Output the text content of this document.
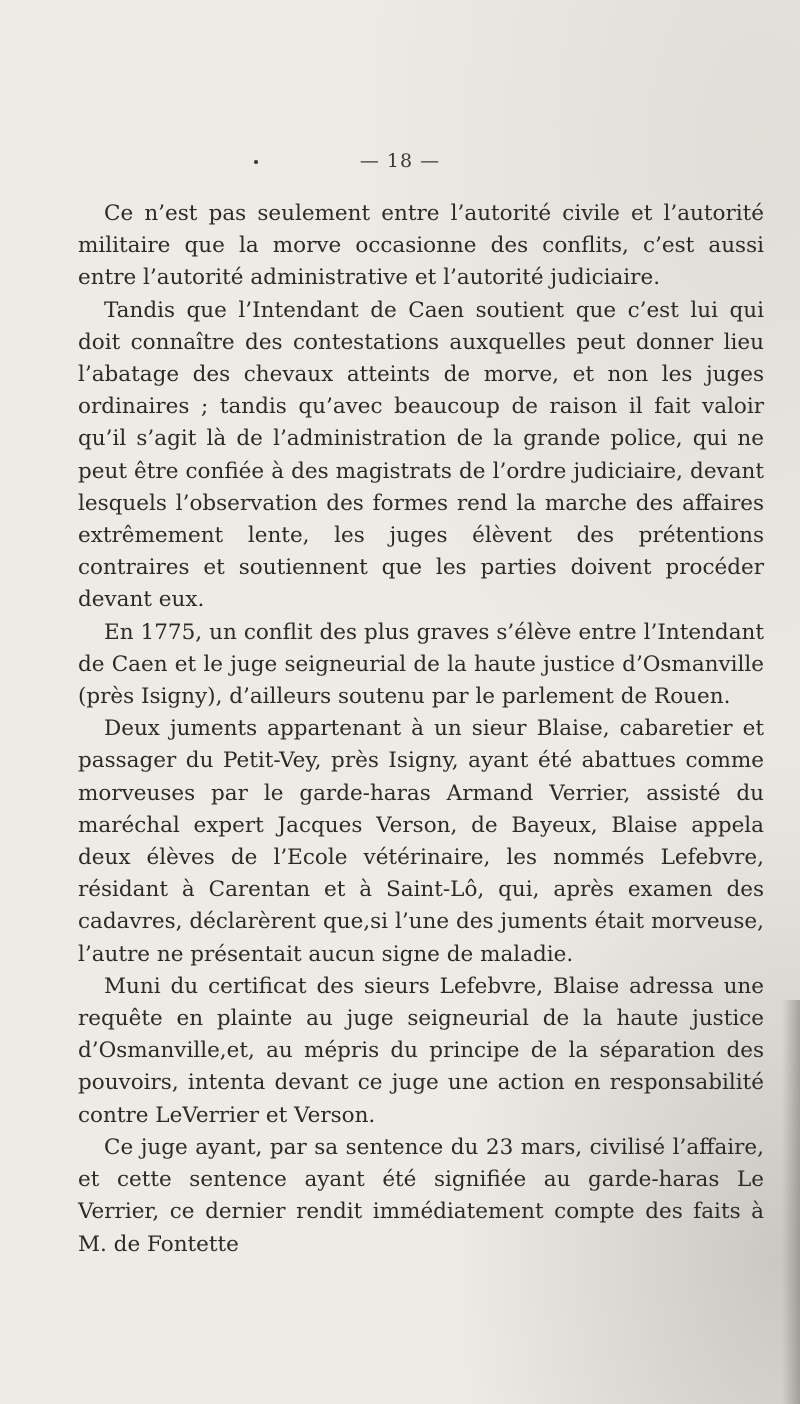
— 18 —

Ce n’est pas seulement entre l’autorité civile et l’autorité militaire que la morve occasionne des conflits, c’est aussi entre l’autorité administrative et l’autorité judiciaire.

Tandis que l’Intendant de Caen soutient que c’est lui qui doit connaître des contestations auxquelles peut donner lieu l’abatage des chevaux atteints de morve, et non les juges ordinaires ; tandis qu’avec beaucoup de raison il fait valoir qu’il s’agit là de l’administration de la grande police, qui ne peut être confiée à des magistrats de l’ordre judiciaire, devant lesquels l’observation des formes rend la marche des affaires extrêmement lente, les juges élèvent des prétentions contraires et soutiennent que les parties doivent procéder devant eux.

En 1775, un conflit des plus graves s’élève entre l’Intendant de Caen et le juge seigneurial de la haute justice d’Osmanville (près Isigny), d’ailleurs soutenu par le parlement de Rouen.

Deux juments appartenant à un sieur Blaise, cabaretier et passager du Petit-Vey, près Isigny, ayant été abattues comme morveuses par le garde-haras Armand Verrier, assisté du maréchal expert Jacques Verson, de Bayeux, Blaise appela deux élèves de l’Ecole vétérinaire, les nommés Lefebvre, résidant à Carentan et à Saint-Lô, qui, après examen des cadavres, déclarèrent que,si l’une des juments était morveuse, l’autre ne présentait aucun signe de maladie.

Muni du certificat des sieurs Lefebvre, Blaise adressa une requête en plainte au juge seigneurial de la haute justice d’Osmanville,et, au mépris du principe de la séparation des pouvoirs, intenta devant ce juge une action en responsabilité contre LeVerrier et Verson.

Ce juge ayant, par sa sentence du 23 mars, civilisé l’affaire, et cette sentence ayant été signifiée au garde-haras Le Verrier, ce dernier rendit immédiatement compte des faits à M. de Fontette
